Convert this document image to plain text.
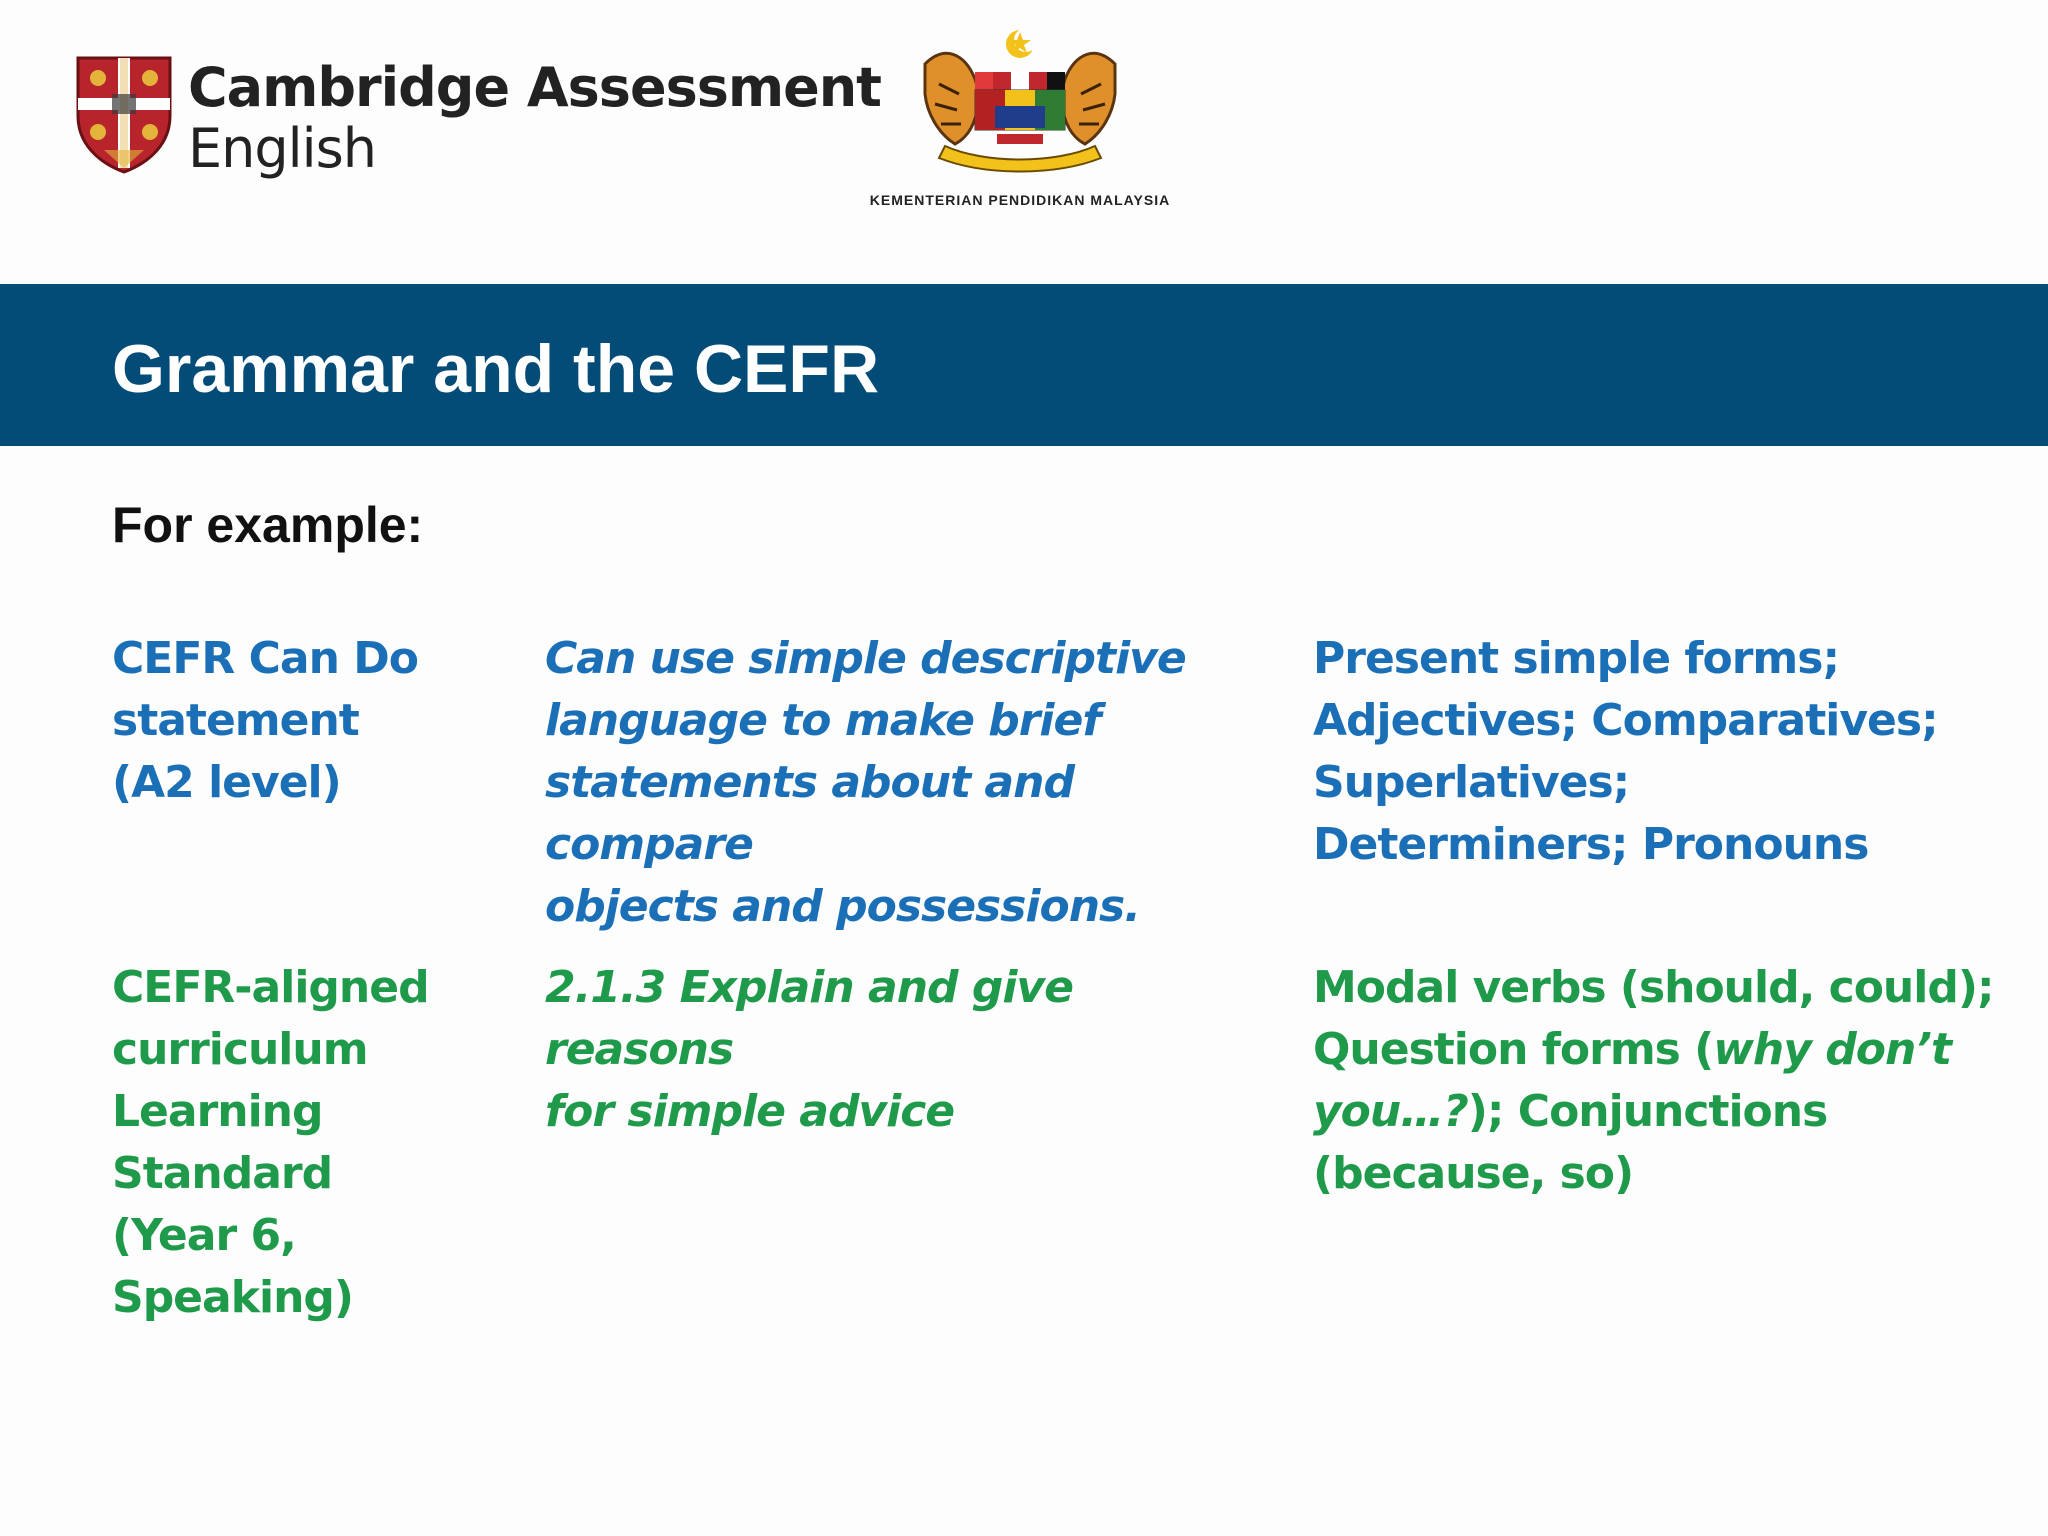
Cambridge Assessment
English
KEMENTERIAN PENDIDIKAN MALAYSIA
Grammar and the CEFR
For example:
CEFR Can Do
statement
(A2 level)
Can use simple descriptive
language to make brief
statements about and compare
objects and possessions.
Present simple forms;
Adjectives; Comparatives;
Superlatives;
Determiners; Pronouns
CEFR-aligned
curriculum
Learning Standard
(Year 6, Speaking)
2.1.3 Explain and give reasons
for simple advice
Modal verbs (should, could);
Question forms (why don’t
you…?); Conjunctions
(because, so)
